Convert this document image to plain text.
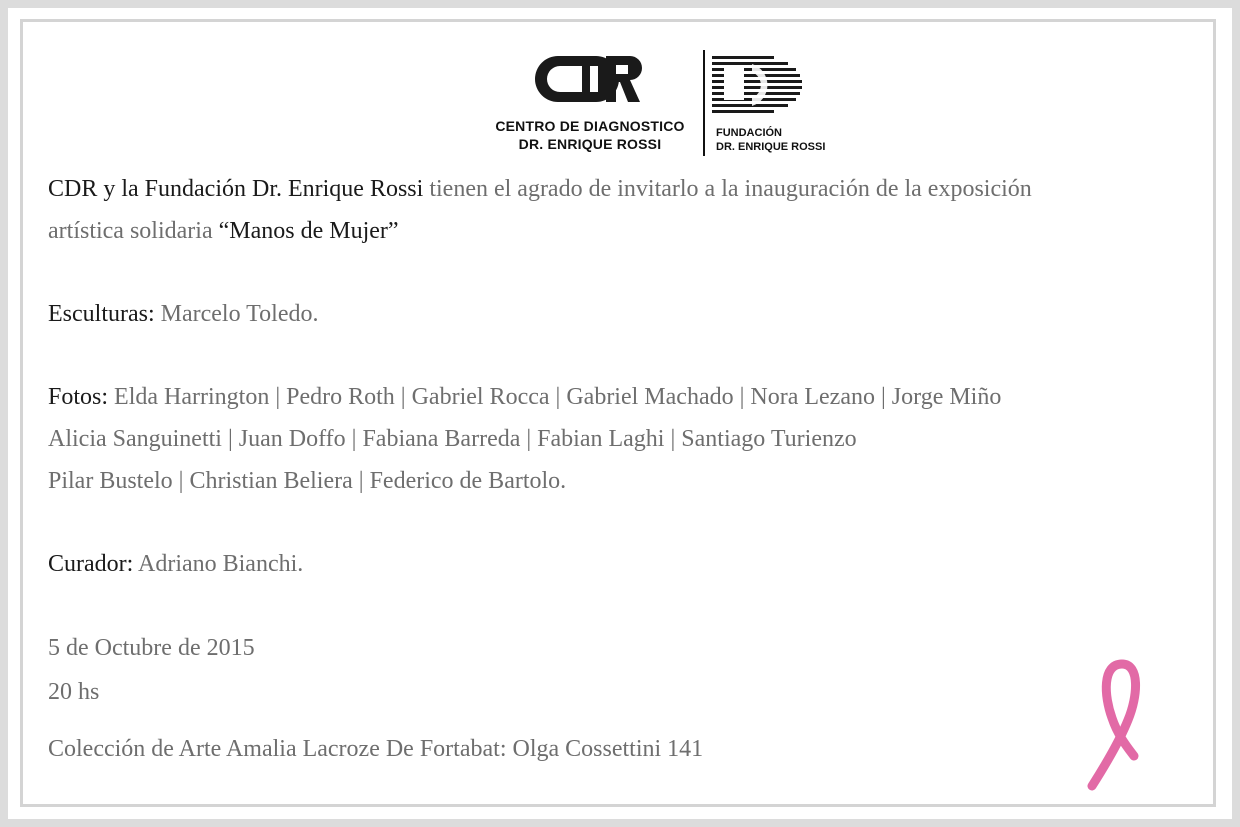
CENTRO DE DIAGNOSTICO
DR. ENRIQUE ROSSI
FUNDACIÓN
DR. ENRIQUE ROSSI
CDR y la Fundación Dr. Enrique Rossi tienen el agrado de invitarlo a la inauguración de la exposición
artística solidaria “Manos de Mujer”
Esculturas: Marcelo Toledo.
Fotos: Elda Harrington | Pedro Roth | Gabriel Rocca | Gabriel Machado | Nora Lezano | Jorge Miño
Alicia Sanguinetti | Juan Doffo | Fabiana Barreda | Fabian Laghi | Santiago Turienzo
Pilar Bustelo | Christian Beliera | Federico de Bartolo.
Curador: Adriano Bianchi.
5 de Octubre de 2015
20 hs
Colección de Arte Amalia Lacroze De Fortabat: Olga Cossettini 141
